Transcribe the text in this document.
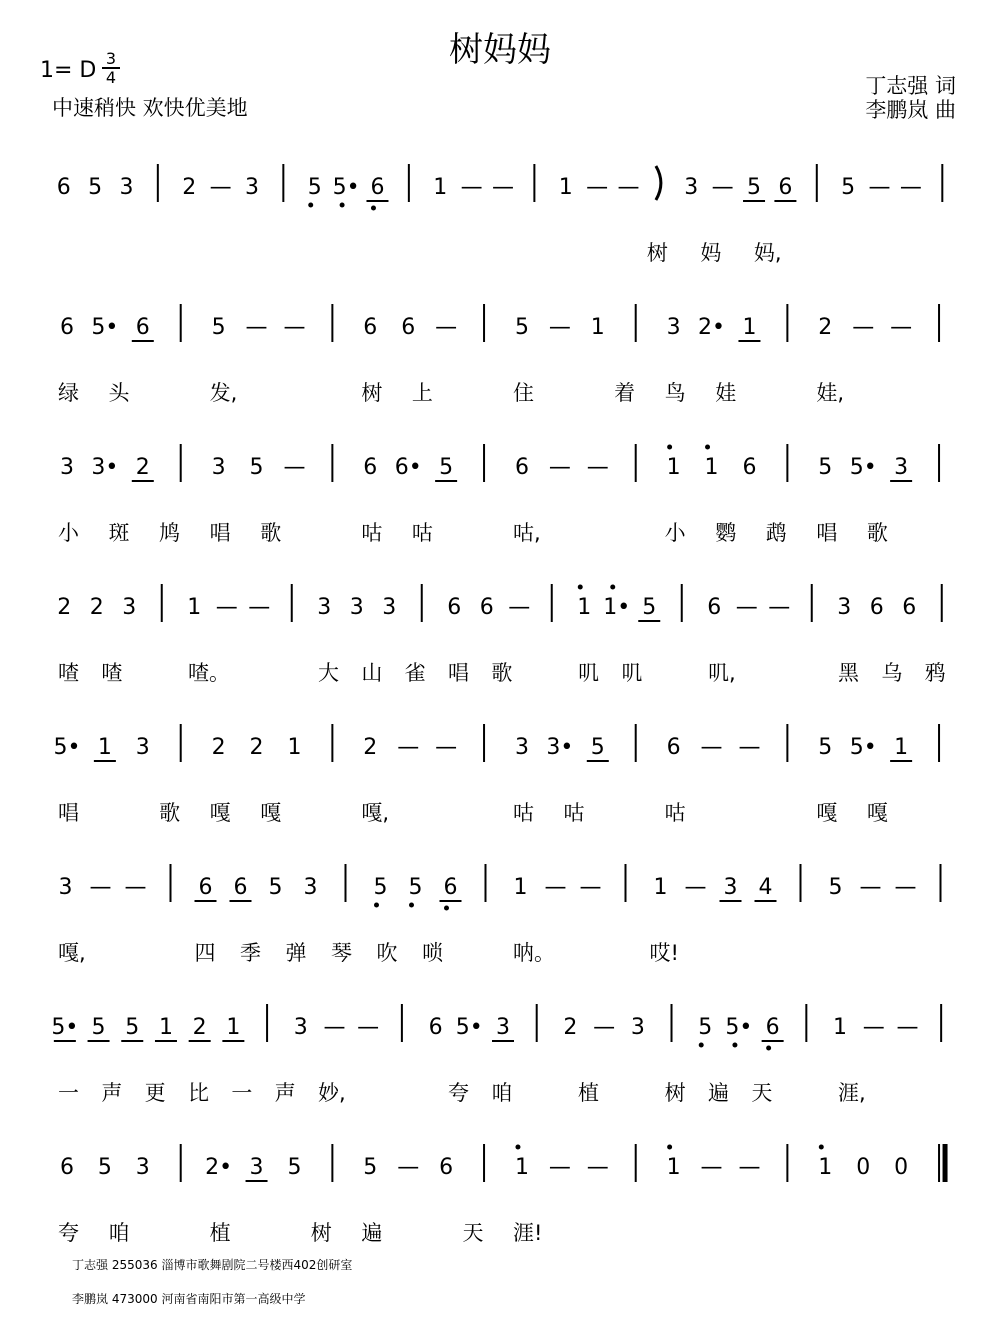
树妈妈
1= D 3
4
中速稍快 欢快优美地
丁志强 词
李鹏岚 曲
6 5 3 2 — 3 5 5• 6 1 — — 1 — — 3 — 5 6 5 — —
树 妈 妈,
6 5• 6	5 — —	6 6 —	5 — 1	3 2• 1	2 — —
绿 头	发,	树 上	住	着 鸟 娃	娃,
3 3• 2	3 5 —	6 6• 5	6 — —	1 1 6	5 5• 3
小 斑 鸠 唱 歌	咕 咕	咕,	小 鹦 鹉 唱 歌
2 2 3 1 — — 3 3 3 6 6 — 1 1• 5 6 — — 3 6 6
喳 喳	喳。	大 山 雀 唱 歌	叽 叽	叽,	黑 乌 鸦
5• 1 3	2 2 1	2 — —	3 3• 5	6 — —	5 5• 1
唱	歌 嘎 嘎	嘎,	咕 咕	咕	嘎 嘎
3 — — 6 6 5 3	5 5 6	1 — — 1 — 3 4	5 — —
嘎,	四 季 弹 琴 吹 唢	呐。	哎!
5• 5 5 1 2 1 3 — — 6 5• 3 2 — 3 5 5• 6 1 — —
一 声 更 比 一 声 妙,	夸 咱	植	树 遍 天	涯,
6 5 3	2• 3 5	5 — 6	1 — —	1 — —	1 0 0
夸 咱	植	树 遍	天 涯!
丁志强 255036 淄博市歌舞剧院二号楼西402创研室
李鹏岚 473000 河南省南阳市第一高级中学
